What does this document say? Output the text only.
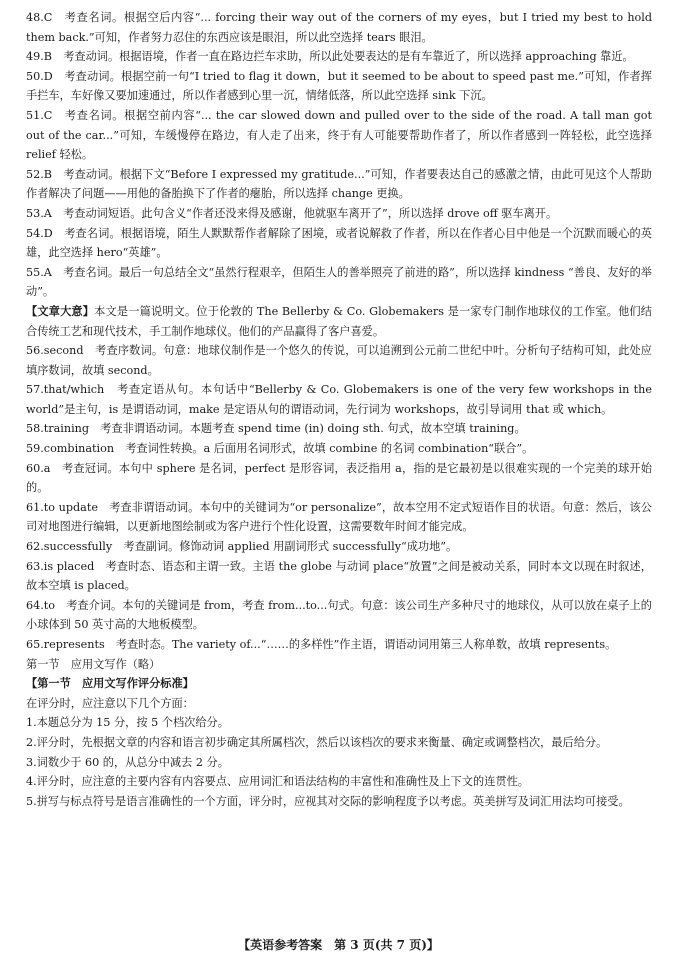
48.C　考查名词。根据空后内容“... forcing their way out of the corners of my eyes，but I tried my best to hold them back.”可知，作者努力忍住的东西应该是眼泪，所以此空选择 tears 眼泪。

49.B　考查动词。根据语境，作者一直在路边拦车求助，所以此处要表达的是有车靠近了，所以选择 approaching 靠近。

50.D　考查动词。根据空前一句“I tried to flag it down，but it seemed to be about to speed past me.”可知，作者挥手拦车，车好像又要加速通过，所以作者感到心里一沉，情绪低落，所以此空选择 sink 下沉。

51.C　考查名词。根据空前内容“... the car slowed down and pulled over to the side of the road. A tall man got out of the car...”可知，车缓慢停在路边，有人走了出来，终于有人可能要帮助作者了，所以作者感到一阵轻松，此空选择 relief 轻松。

52.B　考查动词。根据下文“Before I expressed my gratitude...”可知，作者要表达自己的感激之情，由此可见这个人帮助作者解决了问题——用他的备胎换下了作者的瘪胎，所以选择 change 更换。

53.A　考查动词短语。此句含义“作者还没来得及感谢，他就驱车离开了”，所以选择 drove off 驱车离开。

54.D　考查名词。根据语境，陌生人默默帮作者解除了困境，或者说解救了作者，所以在作者心目中他是一个沉默而暖心的英雄，此空选择 hero“英雄”。

55.A　考查名词。最后一句总结全文“虽然行程艰辛，但陌生人的善举照亮了前进的路”，所以选择 kindness “善良、友好的举动”。

【文章大意】本文是一篇说明文。位于伦敦的 The Bellerby & Co. Globemakers 是一家专门制作地球仪的工作室。他们结合传统工艺和现代技术，手工制作地球仪。他们的产品赢得了客户喜爱。

56.second　考查序数词。句意：地球仪制作是一个悠久的传说，可以追溯到公元前二世纪中叶。分析句子结构可知，此处应填序数词，故填 second。

57.that/which　考查定语从句。本句话中“Bellerby & Co. Globemakers is one of the very few workshops in the world”是主句，is 是谓语动词，make 是定语从句的谓语动词，先行词为 workshops，故引导词用 that 或 which。

58.training　考查非谓语动词。本题考查 spend time (in) doing sth. 句式，故本空填 training。

59.combination　考查词性转换。a 后面用名词形式，故填 combine 的名词 combination“联合”。

60.a　考查冠词。本句中 sphere 是名词，perfect 是形容词，表泛指用 a，指的是它最初是以很难实现的一个完美的球开始的。

61.to update　考查非谓语动词。本句中的关键词为“or personalize”，故本空用不定式短语作目的状语。句意：然后，该公司对地图进行编辑，以更新地图绘制或为客户进行个性化设置，这需要数年时间才能完成。

62.successfully　考查副词。修饰动词 applied 用副词形式 successfully“成功地”。

63.is placed　考查时态、语态和主谓一致。主语 the globe 与动词 place“放置”之间是被动关系，同时本文以现在时叙述，故本空填 is placed。

64.to　考查介词。本句的关键词是 from，考查 from...to...句式。句意：该公司生产多种尺寸的地球仪，从可以放在桌子上的小球体到 50 英寸高的大地板模型。

65.represents　考查时态。The variety of...“……的多样性”作主语，谓语动词用第三人称单数，故填 represents。

第一节　应用文写作（略）

【第一节　应用文写作评分标准】

在评分时，应注意以下几个方面：

1.本题总分为 15 分，按 5 个档次给分。

2.评分时，先根据文章的内容和语言初步确定其所属档次，然后以该档次的要求来衡量、确定或调整档次，最后给分。

3.词数少于 60 的，从总分中减去 2 分。

4.评分时，应注意的主要内容有内容要点、应用词汇和语法结构的丰富性和准确性及上下文的连贯性。

5.拼写与标点符号是语言准确性的一个方面，评分时，应视其对交际的影响程度予以考虑。英美拼写及词汇用法均可接受。

【英语参考答案　第 3 页(共 7 页)】
